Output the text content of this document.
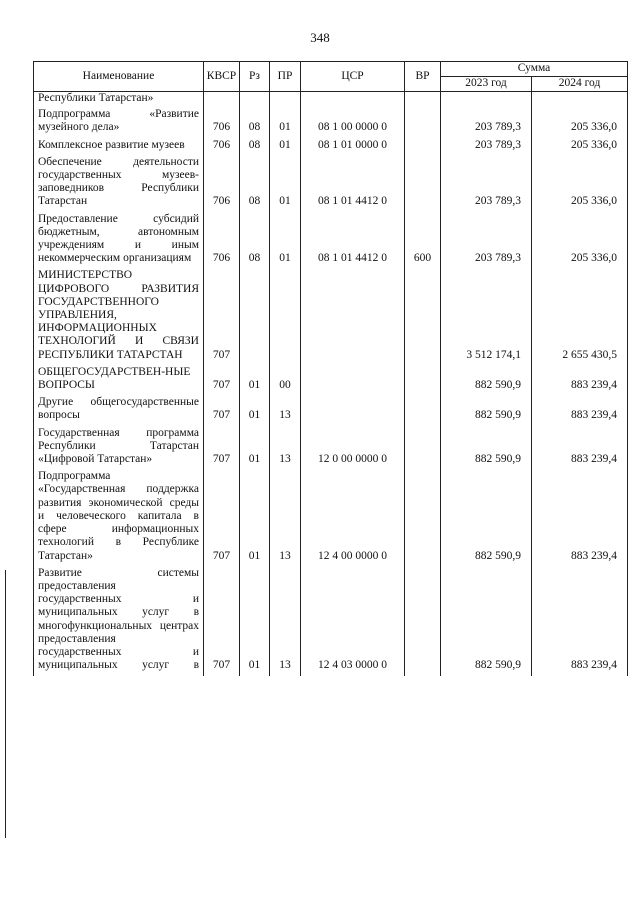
348
Наименование	КВСР	Рз	ПР	ЦСР	ВР	Сумма	
						2023 год	2024 год
Республики Татарстан»							
Подпрограмма «Развитие музейного дела»	706	08	01	08 1 00 0000 0		203 789,3	205 336,0
Комплексное развитие музеев	706	08	01	08 1 01 0000 0		203 789,3	205 336,0
Обеспечение деятельности государственных музеев-заповедников Республики Татарстан	706	08	01	08 1 01 4412 0		203 789,3	205 336,0
Предоставление субсидий бюджетным, автономным учреждениям и иным некоммерческим организациям	706	08	01	08 1 01 4412 0	600	203 789,3	205 336,0
МИНИСТЕРСТВО ЦИФРОВОГО РАЗВИТИЯ ГОСУДАРСТВЕННОГО УПРАВЛЕНИЯ, ИНФОРМАЦИОННЫХ ТЕХНОЛОГИЙ И СВЯЗИ РЕСПУБЛИКИ ТАТАРСТАН	707					3 512 174,1	2 655 430,5
ОБЩЕГОСУДАРСТВЕН-НЫЕ ВОПРОСЫ	707	01	00			882 590,9	883 239,4
Другие общегосударственные вопросы	707	01	13			882 590,9	883 239,4
Государственная программа Республики Татарстан «Цифровой Татарстан»	707	01	13	12 0 00 0000 0		882 590,9	883 239,4
Подпрограмма «Государственная поддержка развития экономической среды и человеческого капитала в сфере информационных технологий в Республике Татарстан»	707	01	13	12 4 00 0000 0		882 590,9	883 239,4
Развитие системы предоставления государственных и муниципальных услуг в многофункциональных центрах предоставления государственных и муниципальных услуг в	707	01	13	12 4 03 0000 0		882 590,9	883 239,4
